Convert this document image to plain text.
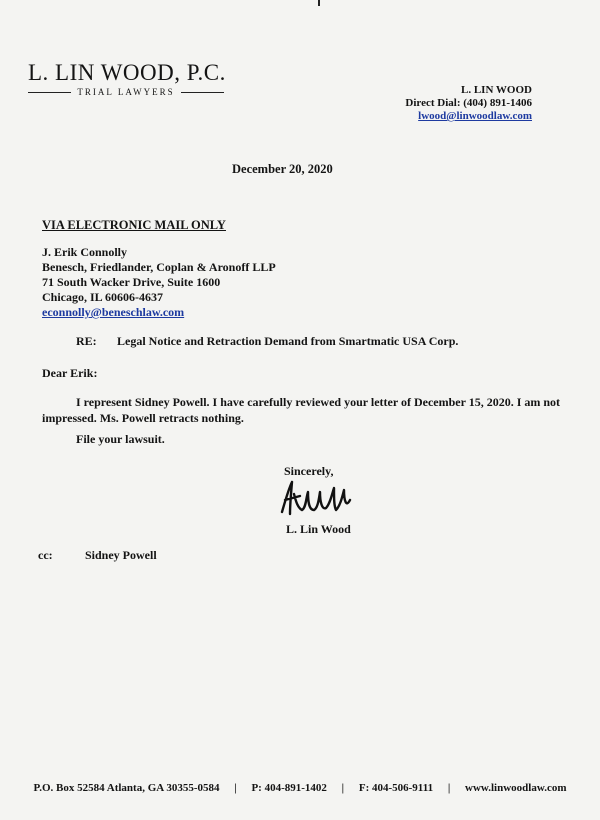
L. LIN WOOD, P.C.
TRIAL LAWYERS	L. LIN WOOD
Direct Dial: (404) 891-1406
lwood@linwoodlaw.com
December 20, 2020
VIA ELECTRONIC MAIL ONLY
J. Erik Connolly
Benesch, Friedlander, Coplan & Aronoff LLP
71 South Wacker Drive, Suite 1600
Chicago, IL 60606-4637
econnolly@beneschlaw.com
RE: Legal Notice and Retraction Demand from Smartmatic USA Corp.
Dear Erik:
I represent Sidney Powell. I have carefully reviewed your letter of December 15, 2020. I am not impressed. Ms. Powell retracts nothing.
File your lawsuit.
Sincerely,
L. Lin Wood
cc:	Sidney Powell
P.O. Box 52584 Atlanta, GA 30355-0584 | P: 404-891-1402 | F: 404-506-9111 | www.linwoodlaw.com
